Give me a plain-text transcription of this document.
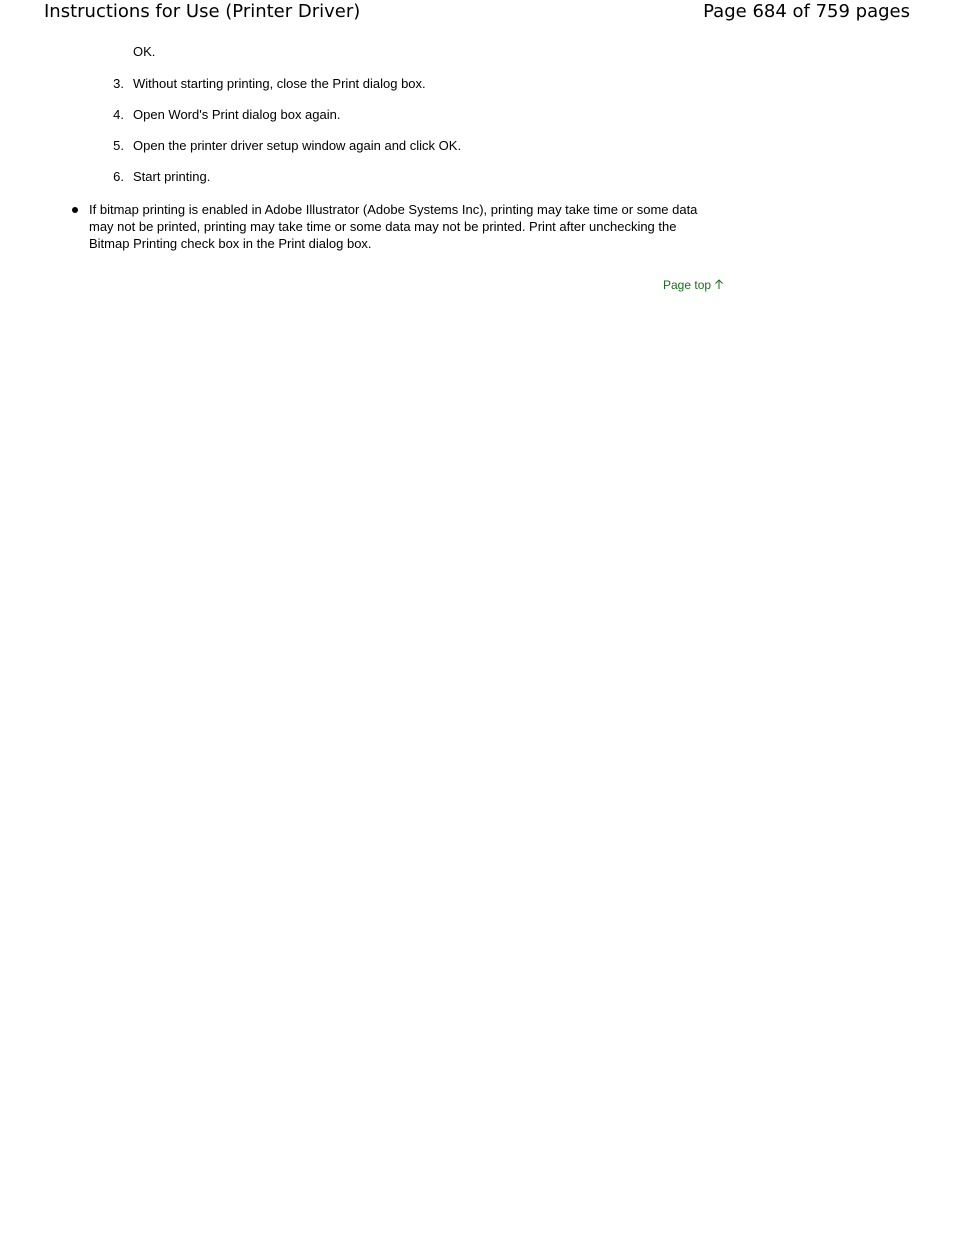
Instructions for Use (Printer Driver)	Page 684 of 759 pages
OK.
3. Without starting printing, close the Print dialog box.
4. Open Word's Print dialog box again.
5. Open the printer driver setup window again and click OK.
6. Start printing.
If bitmap printing is enabled in Adobe Illustrator (Adobe Systems Inc), printing may take time or some data may not be printed, printing may take time or some data may not be printed. Print after unchecking the Bitmap Printing check box in the Print dialog box.
Page top
